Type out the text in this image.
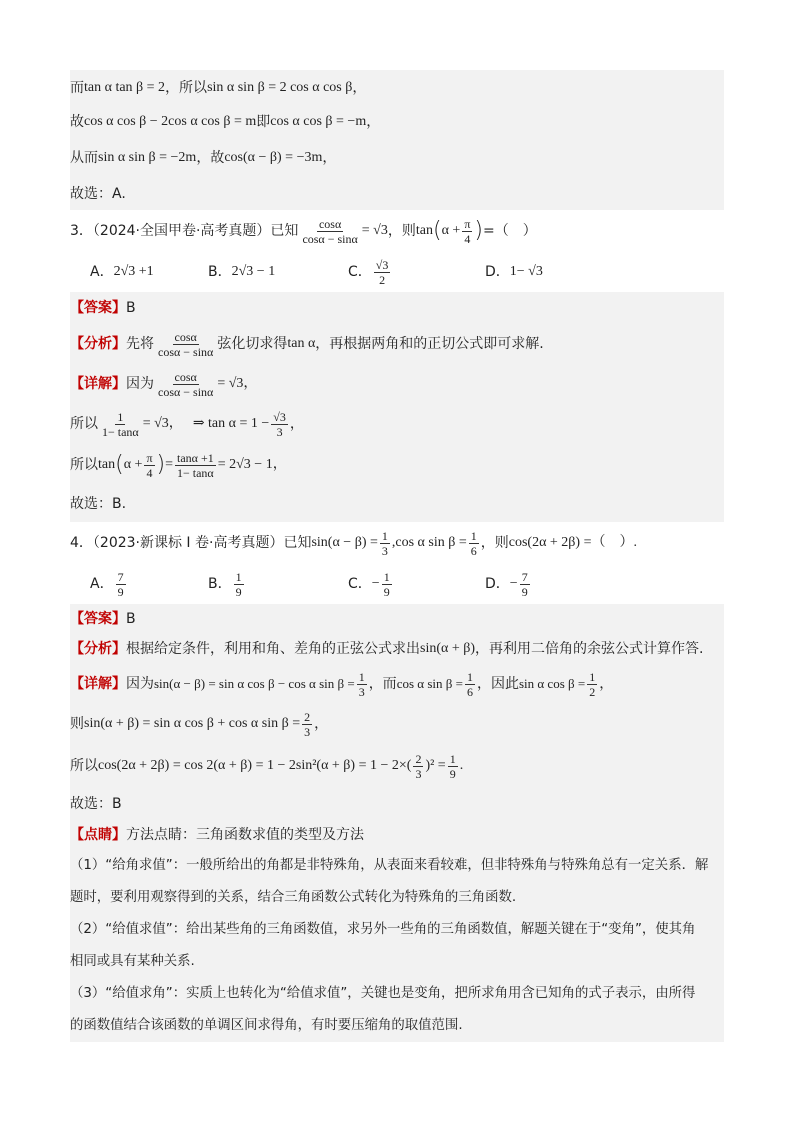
而 tan α tan β = 2 ，所以 sin α sin β = 2 cos α cos β ，
故 cos α cos β − 2cos α cos β = m 即 cos α cos β = −m ，
从而 sin α sin β = −2m ，故 cos(α − β) = −3m ，
故选：A.
3．（2024·全国甲卷·高考真题）已知 $\frac{\cos\alpha}{\cos\alpha - \sin\alpha} = √3$ ，则 tan ( $\alpha + \frac{\pi}{4}$ ) =（　）
A． 2√3 +1	B． 2√3 − 1	C． $\frac{√3}{2}$	D． 1− √3
【答案】 B
【分析】 先将 $\frac{\cos\alpha}{\cos\alpha - \sin\alpha}$ 弦化切求得 tan α ，再根据两角和的正切公式即可求解.
【详解】 因为 $\frac{\cos\alpha}{\cos\alpha - \sin\alpha} = √3$，
所以 $\frac{1}{1- \tan\alpha} = √3$， ⇒ $\tan \alpha = 1 - \frac{√3}{3}$ ，
所以 tan ( $\alpha + \frac{\pi}{4}$ ) = $\frac{\tan\alpha +1}{1- \tan\alpha} = 2√3 - 1$，
故选：B.
4．（2023·新课标 Ⅰ 卷·高考真题）已知 $\sin(\alpha - \beta) = \frac{1}{3} ,\cos$ α $\sin \beta = \frac{1}{6}$ ，则 cos(2α + 2β) =（　）.
A． $\frac{7}{9}$	B． $\frac{1}{9}$	C． − $\frac{1}{9}$	D． − $\frac{7}{9}$
【答案】 B
【分析】 根据给定条件，利用和角、差角的正弦公式求出 sin(α + β) ，再利用二倍角的余弦公式计算作答.
【详解】 因为 sin(α − β) = sin α cos β − cos α $\sin \beta = \frac{1}{3}$ ，而 cos α $\sin \beta = \frac{1}{6}$ ，因此 sin α $\cos \beta = \frac{1}{2}$ ，
则 sin(α + β) = sin α cos β + cos α $\sin \beta = \frac{2}{3}$ ，
所以 $\cos(2\alpha + 2\beta) = \cos 2(\alpha + \beta) = 1 - 2\sin^2(\alpha + \beta) = 1 - 2\times( \frac{2}{3} )^2 = \frac{1}{9}$ .
故选：B
【点睛】 方法点睛：三角函数求值的类型及方法
（1）“给角求值”：一般所给出的角都是非特殊角，从表面来看较难，但非特殊角与特殊角总有一定关系．解
题时，要利用观察得到的关系，结合三角函数公式转化为特殊角的三角函数.
（2）“给值求值”：给出某些角的三角函数值，求另外一些角的三角函数值，解题关键在于“变角”，使其角
相同或具有某种关系.
（3）“给值求角”：实质上也转化为“给值求值”，关键也是变角，把所求角用含已知角的式子表示，由所得
的函数值结合该函数的单调区间求得角，有时要压缩角的取值范围.
